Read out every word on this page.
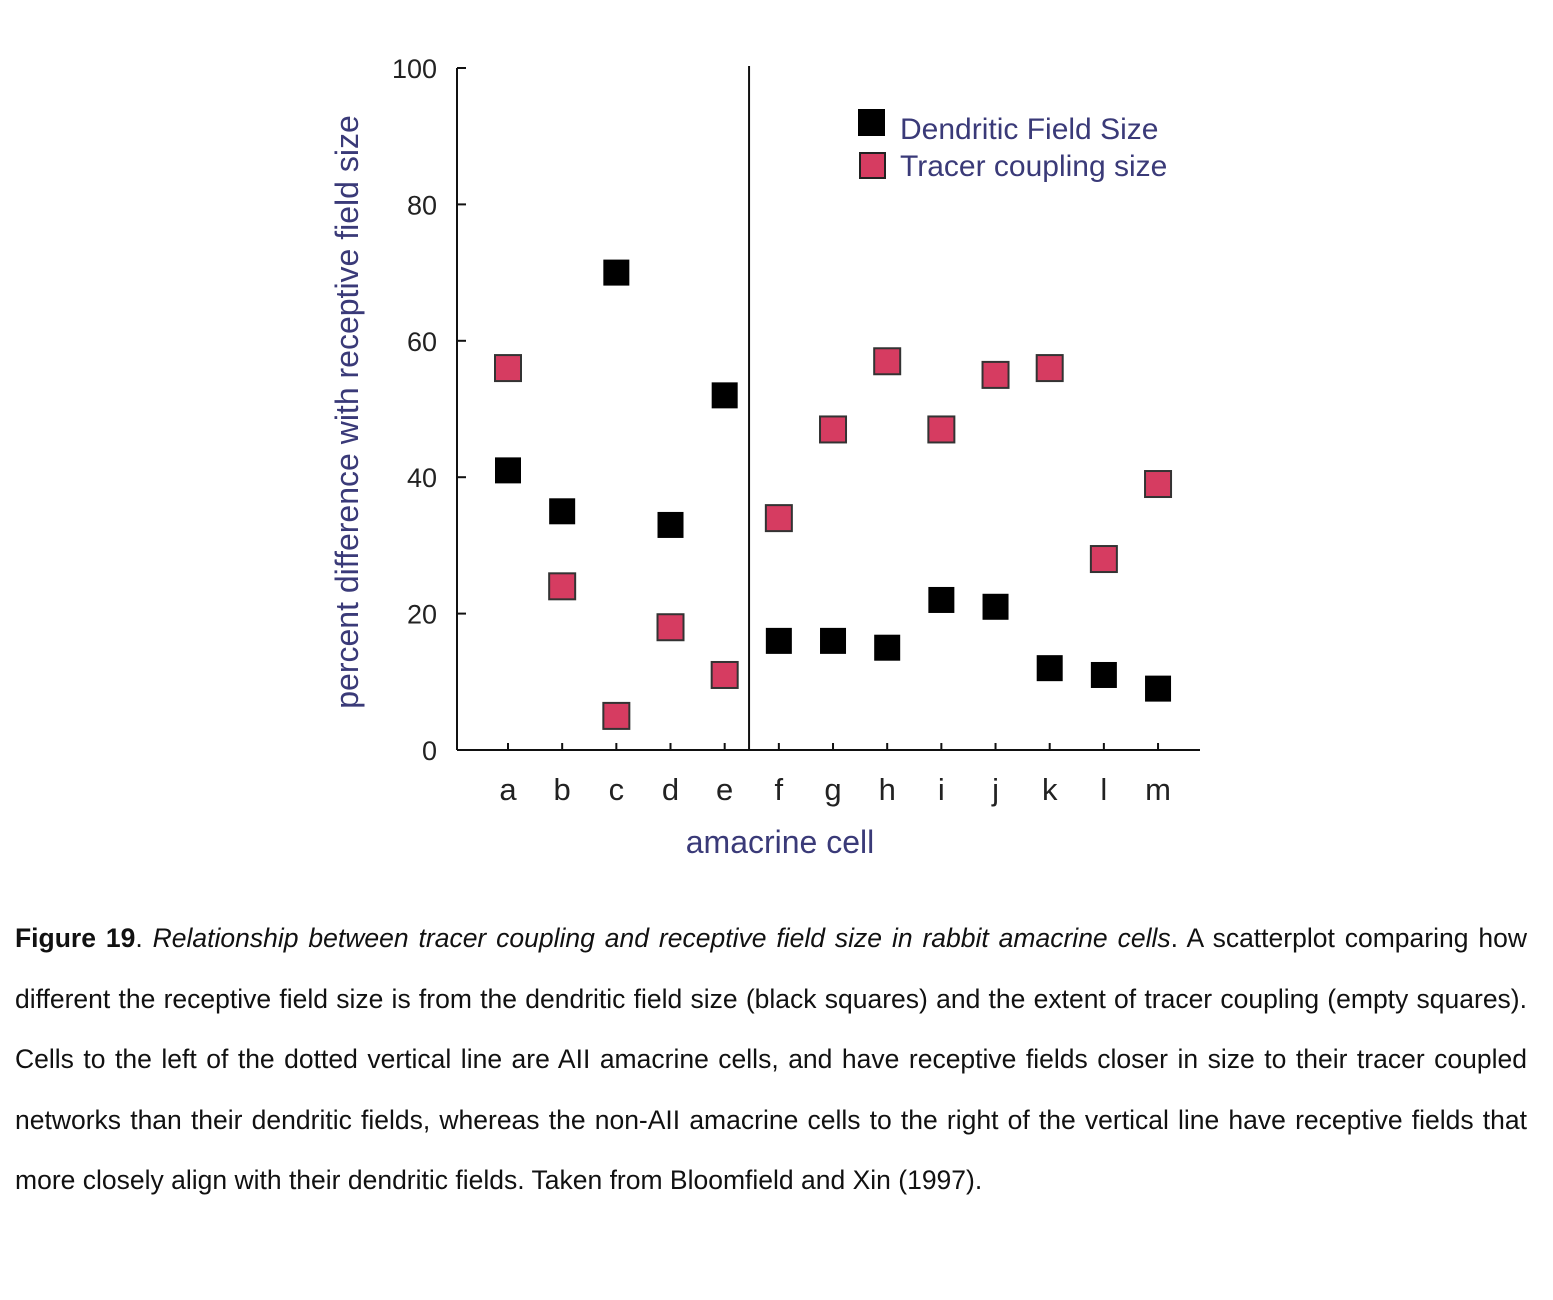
0
20
40
60
80
100
a b c d e f g h i j k l m
Dendritic Field Size
Tracer coupling size
amacrine cell
percent difference with receptive field size

Figure 19. Relationship between tracer coupling and receptive field size in rabbit amacrine cells. A scatterplot comparing how different the receptive field size is from the dendritic field size (black squares) and the extent of tracer coupling (empty squares). Cells to the left of the dotted vertical line are AII amacrine cells, and have receptive fields closer in size to their tracer coupled networks than their dendritic fields, whereas the non-AII amacrine cells to the right of the vertical line have receptive fields that more closely align with their dendritic fields. Taken from Bloomfield and Xin (1997).
